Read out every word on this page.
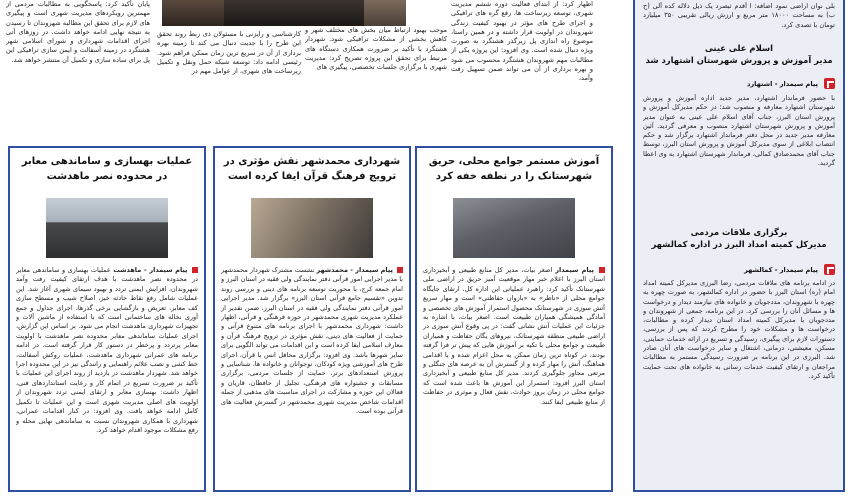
پایان تأکید کرد: پاسخگویی به مطالبات مردمی از مهمترین رویکردهای مدیریت شهری است و پیگیری های لازم برای تحقق این مطالبه شهروندان تا رسیدن به نتیجه نهایی ادامه خواهد داشت. در روزهای آتی اجرای اقدامات شهرداری و شورای اسلامی شهر هشتگرد در زمینه آسفالت و ایمن سازی ترافیکی این پل برای ساده سازی و تکمیل آن منتشر خواهد شد.

کارشناسی و رایزنی با مسئولان ذی ربط روند تحقق این طرح را با جدیت دنبال می کند تا زمینه بهره برداری از آن در سریع ترین زمان ممکن فراهم شود. رئیسی ادامه داد: توسعه شبکه حمل ونقل و تکمیل زیرساخت های شهری، از عوامل مهم در

موجب بهبود ارتباط میان بخش های مختلف شهر و کاهش بخشی از مشکلات ترافیکی شود. شهردار هشتگرد با تأکید بر ضرورت همکاری دستگاه های مرتبط برای تحقق این پروژه تصریح کرد: مدیریت شهری با برگزاری جلسات تخصصی، پیگیری های

اظهار کرد: از ابتدای فعالیت دوره ششم مدیریت شهری، توسعه زیرساخت ها، رفع گره های ترافیکی و اجرای طرح های مؤثر در بهبود کیفیت زندگی شهروندان در اولویت قرار داشته و در همین راستا، موضوع راه اندازی پل زیرگذر هشتگرد به صورت ویژه دنبال شده است. وی افزود: این پروژه یکی از مطالبات مهم شهروندان هشتگرد محسوب می شود و بهره برداری از آن می تواند ضمن تسهیل رفت وآمد،

بلی نوان اراضی نمود اضافه: ا آقدم ثبصرد یک ذیل دلاله کده آلی (ح ب) به مساحت ۱۸۰۰۰ متر مربع و ارزش ریالی تقریبی ۳۵۰ میلیارد تومان با تصدی کرد.

اسلام علی عینی
مدیر آموزش و پرورش شهرستان اشتهارد شد
پیام سیمدار - اشتهارد

با حضور فرماندار اشتهارد، مدیر جدید اداره آموزش و پرورش شهرستان اشتهارد معارفه و منصوب شد؛ در حکم مدیرکل آموزش و پرورش استان البرز، جناب آقای اسلام علی عینی به عنوان مدیر آموزش و پرورش شهرستان اشتهارد منصوب و معرفی گردید. آئین معارفه مدیر جدید در محل دفتر فرماندار اشتهارد برگزار شد و حکم انتصاب ابلاغی از سوی مدیرکل آموزش و پرورش استان البرز، توسط جناب آقای محمدصادق کمالی، فرماندار شهرستان اشتهارد به وی اعطا گردید.

برگزاری ملاقات مردمی
مدیرکل کمیته امداد البرز در اداره کمالشهر
پیام سیمدار - کمالشهر

در ادامه برنامه های ملاقات مردمی، رضا البرزی مدیرکل کمیته امداد امام (ره) استان البرز با حضور در اداره کمالشهر، به صورت چهره به چهره با شهروندان، مددجویان و خانواده های نیازمند دیدار و درخواست ها و مسائل آنان را بررسی کرد. در این برنامه، جمعی از شهروندان و مددجویان با مدیرکل کمیته امداد استان دیدار کرده و مطالبات، درخواست ها و مشکلات خود را مطرح کردند که پس از بررسی، دستورات لازم برای پیگیری، رسیدگی و تسریع در ارائه خدمات حمایتی، مسکن، معیشتی، درمانی، اشتغال و سایر درخواست های آنان صادر شد. البرزی در این برنامه بر ضرورت رسیدگی مستمر به مطالبات مراجعان و ارتقای کیفیت خدمات رسانی به خانواده های تحت حمایت تأکید کرد.

آموزش مستمر جوامع محلی، حریق شهرستانک را در نطفه خفه کرد

پیام سیمدار اصغر بیات، مدیر کل منابع طبیعی و آبخیزداری استان البرز با اعلام خبر مهار موقعیت آمیز حریق در اراضی ملی شهرستانک تأکید کرد: راهبرد عملیاتی این اداره کل، ارتقای جایگاه جوامع محلی از «ناظر» به «بازوان حفاظتی» است و مهار سریع آتش سوزی در شهرستانک محصول استمرار آموزش های تخصصی و آمادگی همیشگی همیاران طبیعت است. اصغر بیات، با اشاره به جزئیات این عملیات آتش نشانی گفت: در پی وقوع آتش سوزی در اراضی طبیعی منطقه شهرستانک، نیروهای یگان حفاظت و همیاران طبیعت و جوامع محلی با تکیه بر آموزش هایی که پیش تر فرا گرفته بودند، در کوتاه ترین زمان ممکن به محل اعزام شده و با اقدامی هماهنگ، آتش را مهار کرده و از گسترش آن به عرصه های جنگلی و مرتعی مجاور جلوگیری کردند. مدیر کل منابع طبیعی و آبخیزداری استان البرز افزود: استمرار این آموزش ها باعث شده است که جوامع محلی در زمان بروز حوادث، نقش فعال و موثری در حفاظت از منابع طبیعی ایفا کنند.

شهرداری محمدشهر نقش مؤثری در ترویج فرهنگ قرآن ایفا کرده است

پیام سیمدار - محمدشهر نشست مشترک شهردار محمدشهر با مدیر اجرایی امور قرآنی دفتر نمایندگی ولی فقیه در استان البرز و امام جمعه کرج، با محوریت توسعه برنامه های دینی و بررسی روند تدوین «تقسیم جامع قرآنی استان البرز» برگزار شد. مدیر اجرایی امور قرآنی دفتر نمایندگی ولی فقیه در استان البرز، ضمن تقدیر از عملکرد مدیریت شهری محمدشهر در حوزه فرهنگی و قرآنی، اظهار داشت: شهرداری محمدشهر با اجرای برنامه های متنوع قرآنی و حمایت از فعالیت های دینی، نقش مؤثری در ترویج فرهنگ قرآن و معارف اسلامی ایفا کرده است و این اقدامات می تواند الگویی برای سایر شهرها باشد. وی افزود: برگزاری محافل انس با قرآن، اجرای طرح های آموزشی ویژه کودکان، نوجوانان و خانواده ها، شناسایی و پرورش استعدادهای برتر، حمایت از جلسات مردمی، برگزاری مسابقات و جشنواره های فرهنگی، تجلیل از حافظان، قاریان و فعالان این حوزه و مشارکت در اجرای مناسبت های مذهبی از جمله اقدامات شاخص مدیریت شهری محمدشهر در گسترش فعالیت های قرآنی بوده است.

عملیات بهسازی و ساماندهی معابر در محدوده نصر ماهدشت

پیام سیمدار - ماهدشت عملیات بهسازی و ساماندهی معابر در محدوده نصر ماهدشت با هدف ارتقای کیفیت رفت وآمد شهروندان، افزایش ایمنی تردد و بهبود سیمای شهری آغاز شد. این عملیات شامل رفع نقاط حادثه خیز، اصلاح شیب و مسطح سازی کف معابر، تعریض و بازگشایی برخی گذرها، اجرای جداول و جمع آوری نخاله های ساختمانی است که با استفاده از ماشین آلات و تجهیزات شهرداری ماهدشت انجام می شود. بر اساس این گزارش، اجرای عملیات ساماندهی معابر محدوده نصر ماهدشت با اولویت معابر پرتردد و پرخطر در دستور کار قرار گرفته است. در ادامه برنامه های عمرانی شهرداری ماهدشت، عملیات روکش آسفالت، خط کشی و نصب علائم راهنمایی و رانندگی نیز در این محدوده اجرا خواهد شد. شهردار ماهدشت در بازدید از روند اجرای این عملیات با تأکید بر ضرورت تسریع در اتمام کار و رعایت استانداردهای فنی، اظهار داشت: بهسازی معابر و ارتقای ایمنی تردد شهروندان از اولویت های اصلی مدیریت شهری است و این عملیات تا تکمیل کامل ادامه خواهد یافت. وی افزود: در کنار اقدامات عمرانی، شهرداری با همکاری شهروندان نسبت به ساماندهی نهایی محله و رفع مشکلات موجود اقدام خواهد کرد.
